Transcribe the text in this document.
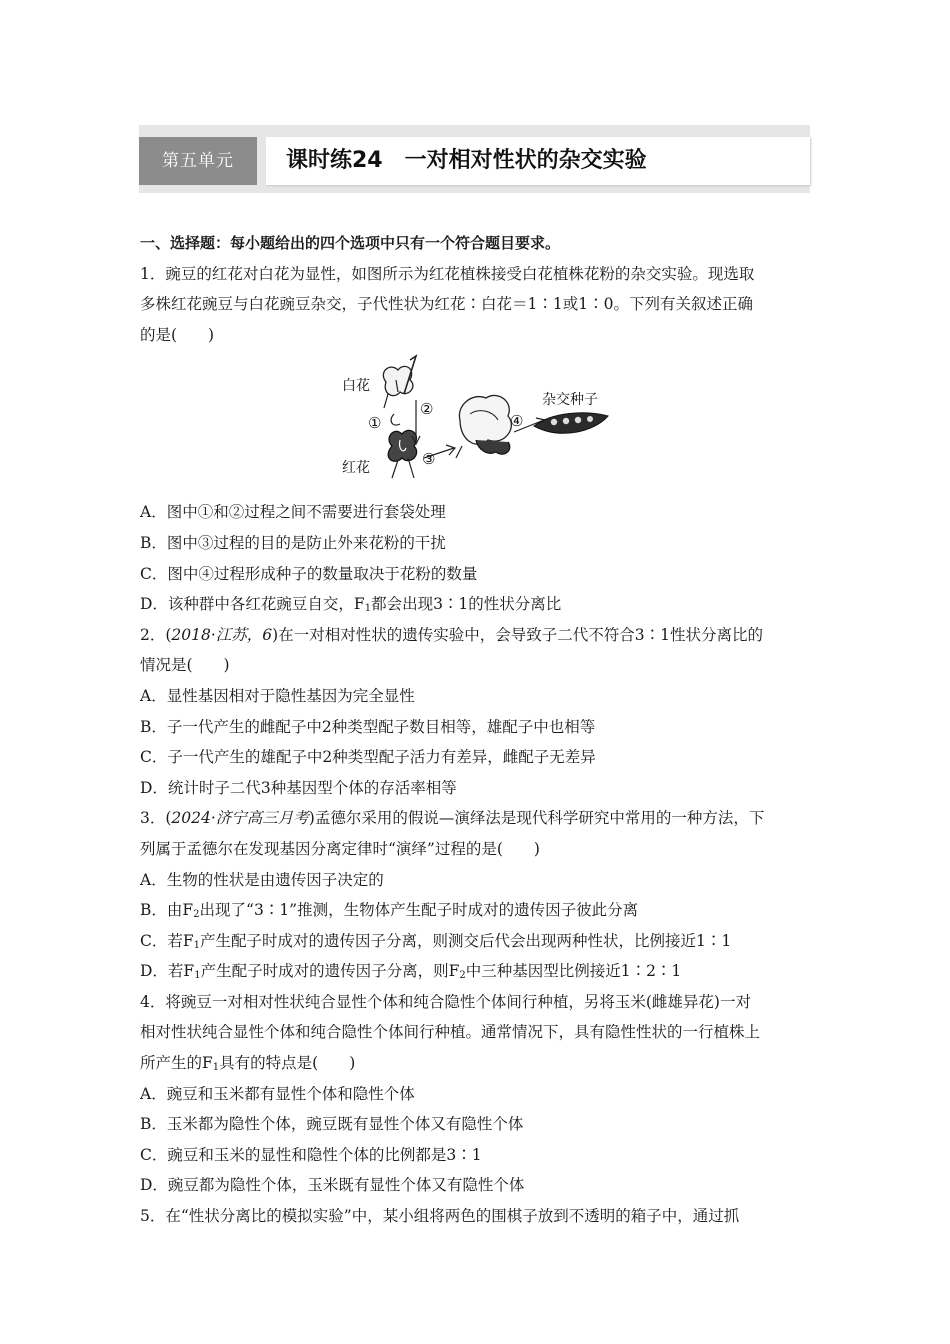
第五单元	课时练24　一对相对性状的杂交实验
一、选择题：每小题给出的四个选项中只有一个符合题目要求。
1．豌豆的红花对白花为显性，如图所示为红花植株接受白花植株花粉的杂交实验。现选取
多株红花豌豆与白花豌豆杂交，子代性状为红花∶白花＝1∶1或1∶0。下列有关叙述正确
的是(　　)
白花
红花
杂交种子
①
②
③
④
A．图中①和②过程之间不需要进行套袋处理
B．图中③过程的目的是防止外来花粉的干扰
C．图中④过程形成种子的数量取决于花粉的数量
D．该种群中各红花豌豆自交，$F_1$都会出现3∶1的性状分离比
2．(2018·江苏，6)在一对相对性状的遗传实验中，会导致子二代不符合3∶1性状分离比的
情况是(　　)
A．显性基因相对于隐性基因为完全显性
B．子一代产生的雌配子中2种类型配子数目相等，雄配子中也相等
C．子一代产生的雄配子中2种类型配子活力有差异，雌配子无差异
D．统计时子二代3种基因型个体的存活率相等
3．(2024·济宁高三月考)孟德尔采用的假说—演绎法是现代科学研究中常用的一种方法，下
列属于孟德尔在发现基因分离定律时“演绎”过程的是(　　)
A．生物的性状是由遗传因子决定的
B．由$F_2$出现了“3∶1”推测，生物体产生配子时成对的遗传因子彼此分离
C．若$F_1$产生配子时成对的遗传因子分离，则测交后代会出现两种性状，比例接近1∶1
D．若$F_1$产生配子时成对的遗传因子分离，则$F_2$中三种基因型比例接近1∶2∶1
4．将豌豆一对相对性状纯合显性个体和纯合隐性个体间行种植，另将玉米(雌雄异花)一对
相对性状纯合显性个体和纯合隐性个体间行种植。通常情况下，具有隐性性状的一行植株上
所产生的$F_1$具有的特点是(　　)
A．豌豆和玉米都有显性个体和隐性个体
B．玉米都为隐性个体，豌豆既有显性个体又有隐性个体
C．豌豆和玉米的显性和隐性个体的比例都是3∶1
D．豌豆都为隐性个体，玉米既有显性个体又有隐性个体
5．在“性状分离比的模拟实验”中，某小组将两色的围棋子放到不透明的箱子中，通过抓
